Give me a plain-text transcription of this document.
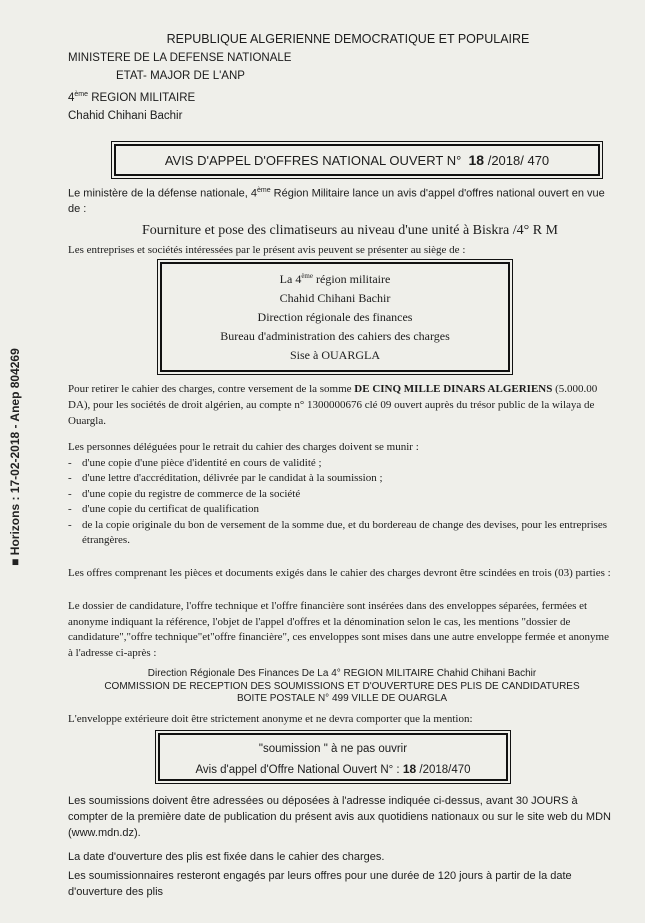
■ Horizons : 17-02-2018 - Anep 804269
REPUBLIQUE ALGERIENNE DEMOCRATIQUE ET POPULAIRE
MINISTERE DE LA DEFENSE NATIONALE
ETAT- MAJOR DE L'ANP
4ème REGION MILITAIRE
Chahid Chihani Bachir
AVIS D'APPEL D'OFFRES NATIONAL OUVERT N° 18 /2018/ 470
Le ministère de la défense nationale, 4ème Région Militaire lance un avis d'appel d'offres national ouvert en vue de :
Fourniture et pose des climatiseurs au niveau d'une unité à Biskra /4° R M
Les entreprises et sociétés intéressées par le présent avis peuvent se présenter au siège de :
La 4ème région militaire
Chahid Chihani Bachir
Direction régionale des finances
Bureau d'administration des cahiers des charges
Sise à OUARGLA
Pour retirer le cahier des charges, contre versement de la somme DE CINQ MILLE DINARS ALGERIENS (5.000.00 DA), pour les sociétés de droit algérien, au compte n° 1300000676 clé 09 ouvert auprès du trésor public de la wilaya de Ouargla.
Les personnes déléguées pour le retrait du cahier des charges doivent se munir :
- d'une copie d'une pièce d'identité en cours de validité ;
- d'une lettre d'accréditation, délivrée par le candidat à la soumission ;
- d'une copie du registre de commerce de la société
- d'une copie du certificat de qualification
- de la copie originale du bon de versement de la somme due, et du bordereau de change des devises, pour les entreprises étrangères.
Les offres comprenant les pièces et documents exigés dans le cahier des charges devront être scindées en trois (03) parties :
Le dossier de candidature, l'offre technique et l'offre financière sont insérées dans des enveloppes séparées, fermées et anonyme indiquant la référence, l'objet de l'appel d'offres et la dénomination selon le cas, les mentions "dossier de candidature","offre technique"et"offre financière", ces enveloppes sont mises dans une autre enveloppe fermée et anonyme à l'adresse ci-après :
Direction Régionale Des Finances De La 4° REGION MILITAIRE Chahid Chihani Bachir
COMMISSION DE RECEPTION DES SOUMISSIONS ET D'OUVERTURE DES PLIS DE CANDIDATURES
BOITE POSTALE N° 499 VILLE DE OUARGLA
L'enveloppe extérieure doit être strictement anonyme et ne devra comporter que la mention:
"soumission " à ne pas ouvrir
Avis d'appel d'Offre National Ouvert N° : 18 /2018/470
Les soumissions doivent être adressées ou déposées à l'adresse indiquée ci-dessus, avant 30 JOURS à compter de la première date de publication du présent avis aux quotidiens nationaux ou sur le site web du MDN (www.mdn.dz).
La date d'ouverture des plis est fixée dans le cahier des charges.
Les soumissionnaires resteront engagés par leurs offres pour une durée de 120 jours à partir de la date d'ouverture des plis
